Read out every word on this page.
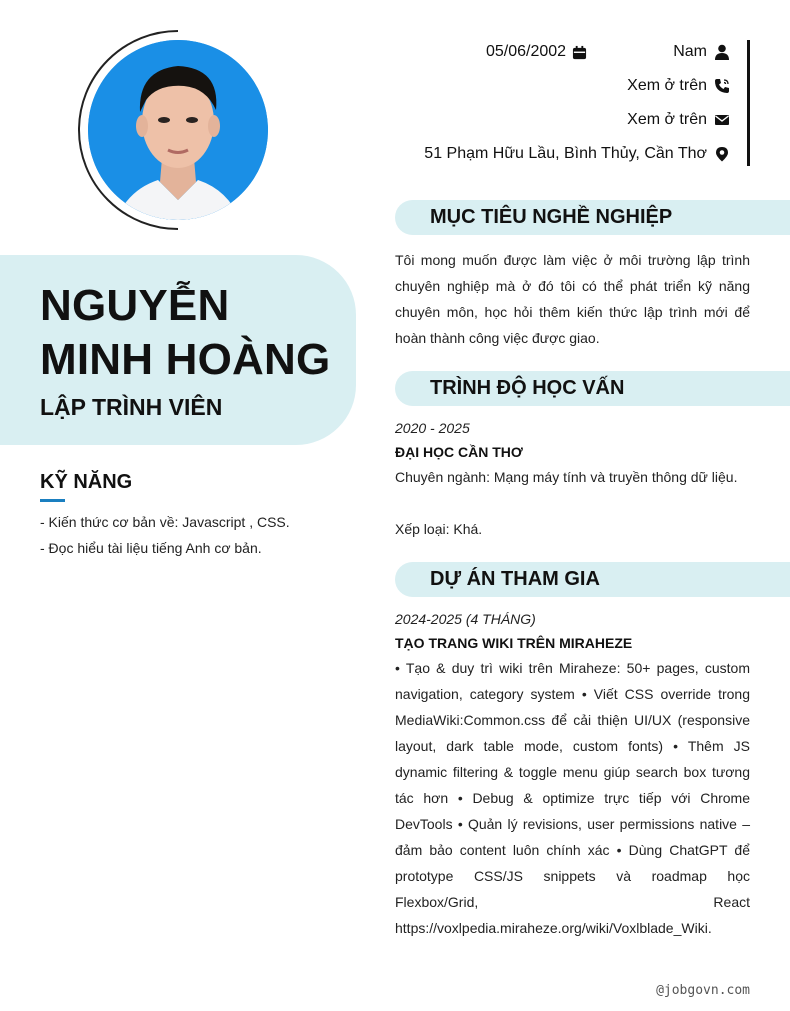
NGUYỄN
MINH HOÀNG
LẬP TRÌNH VIÊN
KỸ NĂNG
- Kiến thức cơ bản về: Javascript , CSS.
- Đọc hiểu tài liệu tiếng Anh cơ bản.
05/06/2002	Nam
Xem ở trên
Xem ở trên
51 Phạm Hữu Lầu, Bình Thủy, Cần Thơ
MỤC TIÊU NGHỀ NGHIỆP
Tôi mong muốn được làm việc ở môi trường lập trình chuyên nghiệp mà ở đó tôi có thể phát triển kỹ năng chuyên môn, học hỏi thêm kiến thức lập trình mới để hoàn thành công việc được giao.
TRÌNH ĐỘ HỌC VẤN
2020 - 2025
ĐẠI HỌC CẦN THƠ
Chuyên ngành: Mạng máy tính và truyền thông dữ liệu.
Xếp loại: Khá.
DỰ ÁN THAM GIA
2024-2025 (4 THÁNG)
TẠO TRANG WIKI TRÊN MIRAHEZE
• Tạo & duy trì wiki trên Miraheze: 50+ pages, custom navigation, category system • Viết CSS override trong MediaWiki:Common.css để cải thiện UI/UX (responsive layout, dark table mode, custom fonts) • Thêm JS dynamic filtering & toggle menu giúp search box tương tác hơn • Debug & optimize trực tiếp với Chrome DevTools • Quản lý revisions, user permissions native – đảm bảo content luôn chính xác • Dùng ChatGPT để prototype CSS/JS snippets và roadmap học Flexbox/Grid, React https://voxlpedia.miraheze.org/wiki/Voxlblade_Wiki.
@jobgovn.com
